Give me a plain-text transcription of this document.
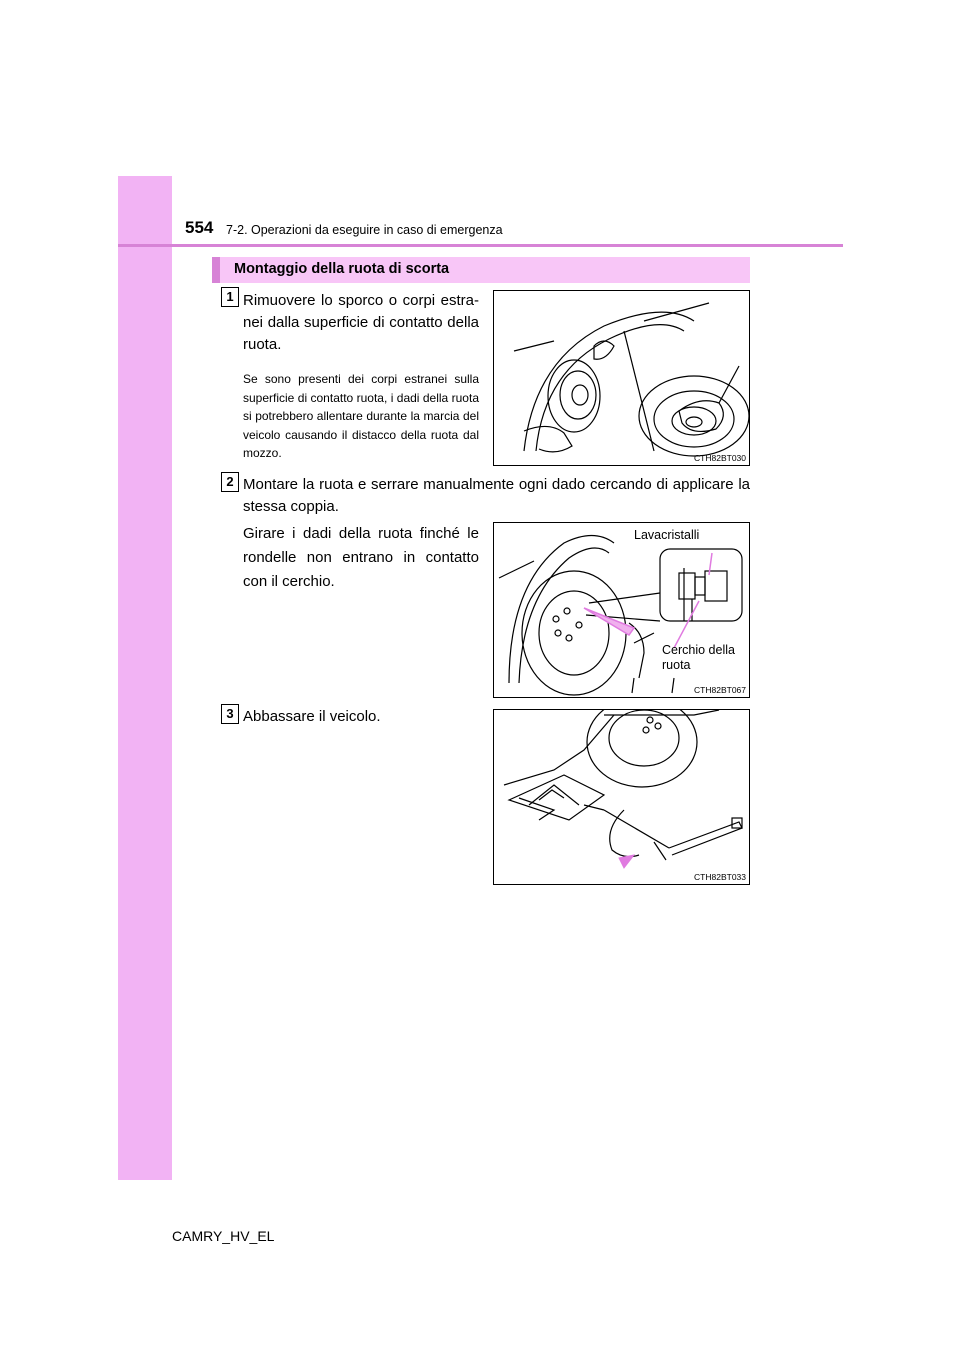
554 7-2. Operazioni da eseguire in caso di emergenza
Montaggio della ruota di scorta
1 Rimuovere lo sporco o corpi estra-nei dalla superficie di contatto della ruota.
Se sono presenti dei corpi estranei sulla superficie di contatto ruota, i dadi della ruota si potrebbero allentare durante la marcia del veicolo causando il distacco della ruota dal mozzo.	CTH82BT030
2 Montare la ruota e serrare manualmente ogni dado cercando di applicare la stessa coppia.
Girare i dadi della ruota finché le rondelle non entrano in contatto con il cerchio.
CTH82BT067
Lavacristalli
Cerchio della ruota
3 Abbassare il veicolo.
CTH82BT033
CAMRY_HV_EL
